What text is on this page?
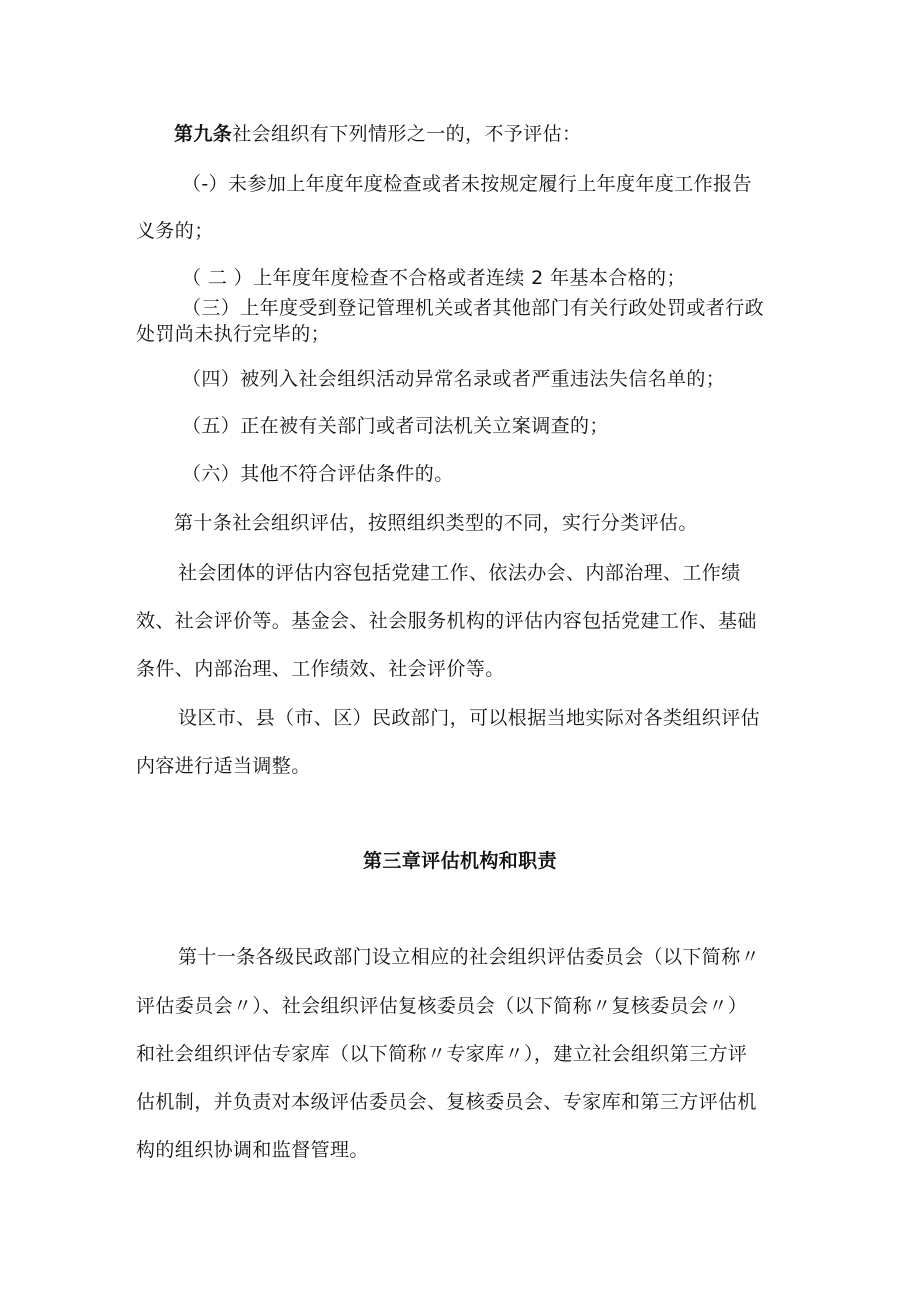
第九条社会组织有下列情形之一的，不予评估：
（-）未参加上年度年度检查或者未按规定履行上年度年度工作报告
义务的；
（ 二 ）上年度年度检查不合格或者连续 2 年基本合格的；
（三）上年度受到登记管理机关或者其他部门有关行政处罚或者行政
处罚尚未执行完毕的；
（四）被列入社会组织活动异常名录或者严重违法失信名单的；
（五）正在被有关部门或者司法机关立案调查的；
（六）其他不符合评估条件的。
第十条社会组织评估，按照组织类型的不同，实行分类评估。
社会团体的评估内容包括党建工作、依法办会、内部治理、工作绩
效、社会评价等。基金会、社会服务机构的评估内容包括党建工作、基础
条件、内部治理、工作绩效、社会评价等。
设区市、县（市、区）民政部门，可以根据当地实际对各类组织评估
内容进行适当调整。
第三章评估机构和职责
第十一条各级民政部门设立相应的社会组织评估委员会（以下简称〃
评估委员会〃）、社会组织评估复核委员会（以下简称〃复核委员会〃）
和社会组织评估专家库（以下简称〃专家库〃），建立社会组织第三方评
估机制，并负责对本级评估委员会、复核委员会、专家库和第三方评估机
构的组织协调和监督管理。
